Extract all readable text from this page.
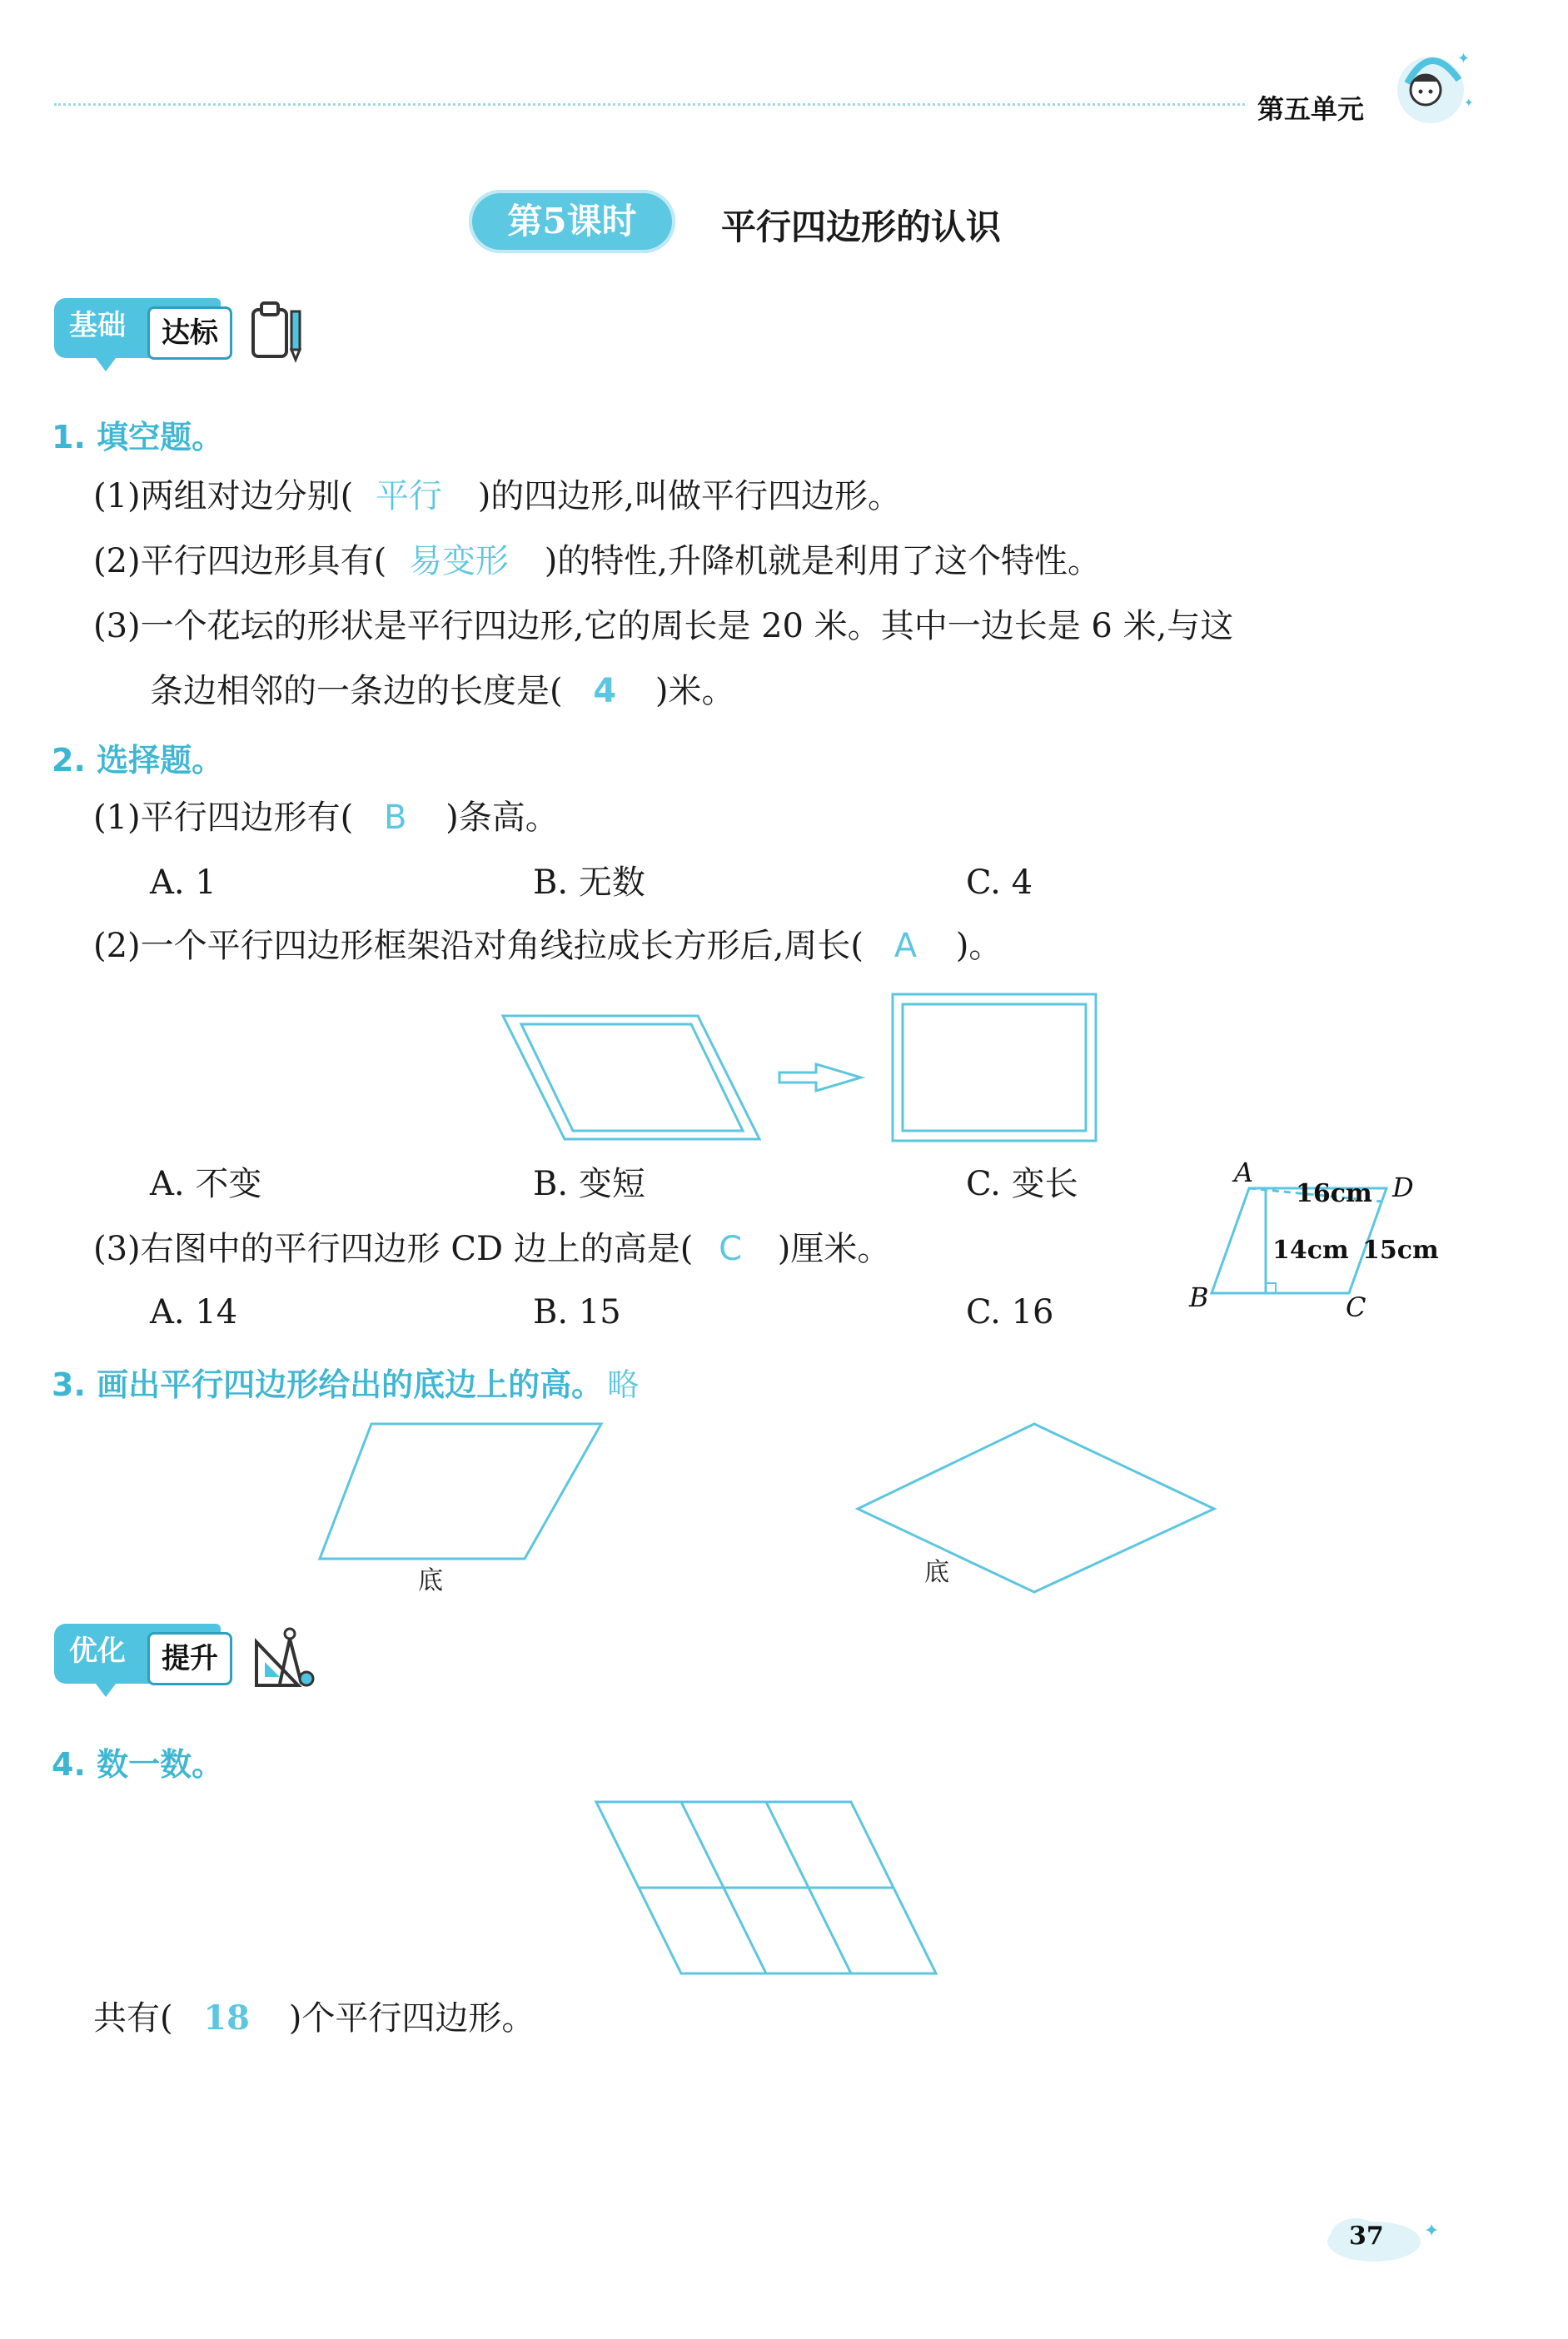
第五单元
✦
✦
第5课时	平行四边形的认识
基础	达标
1. 填空题。
(1)两组对边分别( 平行 )的四边形,叫做平行四边形。
(2)平行四边形具有( 易变形 )的特性,升降机就是利用了这个特性。
(3)一个花坛的形状是平行四边形,它的周长是 20 米。其中一边长是 6 米,与这
条边相邻的一条边的长度是( 4 )米。
2. 选择题。
(1)平行四边形有( B )条高。
A. 1	B. 无数	C. 4
(2)一个平行四边形框架沿对角线拉成长方形后,周长( A )。
A. 不变	B. 变短	C. 变长
(3)右图中的平行四边形 CD 边上的高是( C )厘米。
A. 14	B. 15	C. 16
A	D
B	C
16cm
14cm 15cm
3. 画出平行四边形给出的底边上的高。 略
底	底
优化	提升
4. 数一数。
共有( 18 )个平行四边形。
✦
37
